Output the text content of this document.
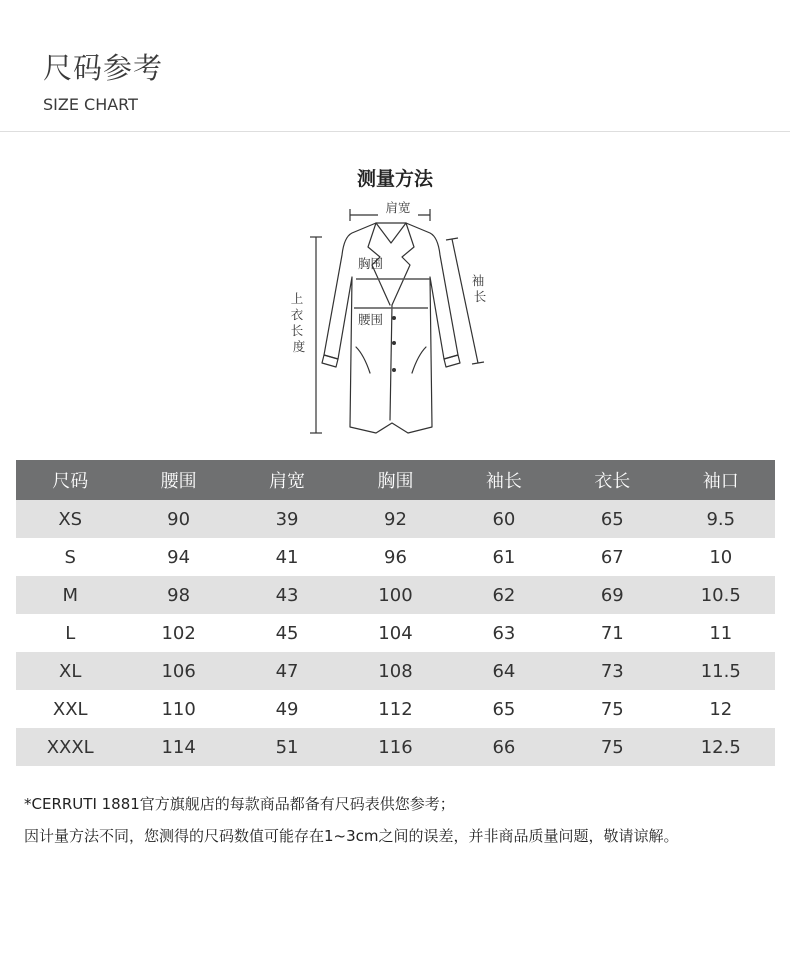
尺码参考
SIZE CHART
测量方法
肩宽
胸围
腰围
袖 长
上 衣 长 度
尺码	腰围	肩宽	胸围	袖长	衣长	袖口
XS	90	39	92	60	65	9.5
S	94	41	96	61	67	10
M	98	43	100	62	69	10.5
L	102	45	104	63	71	11
XL	106	47	108	64	73	11.5
XXL	110	49	112	65	75	12
XXXL	114	51	116	66	75	12.5
*CERRUTI 1881官方旗舰店的每款商品都备有尺码表供您参考；
因计量方法不同，您测得的尺码数值可能存在1~3cm之间的误差，并非商品质量问题，敬请谅解。
